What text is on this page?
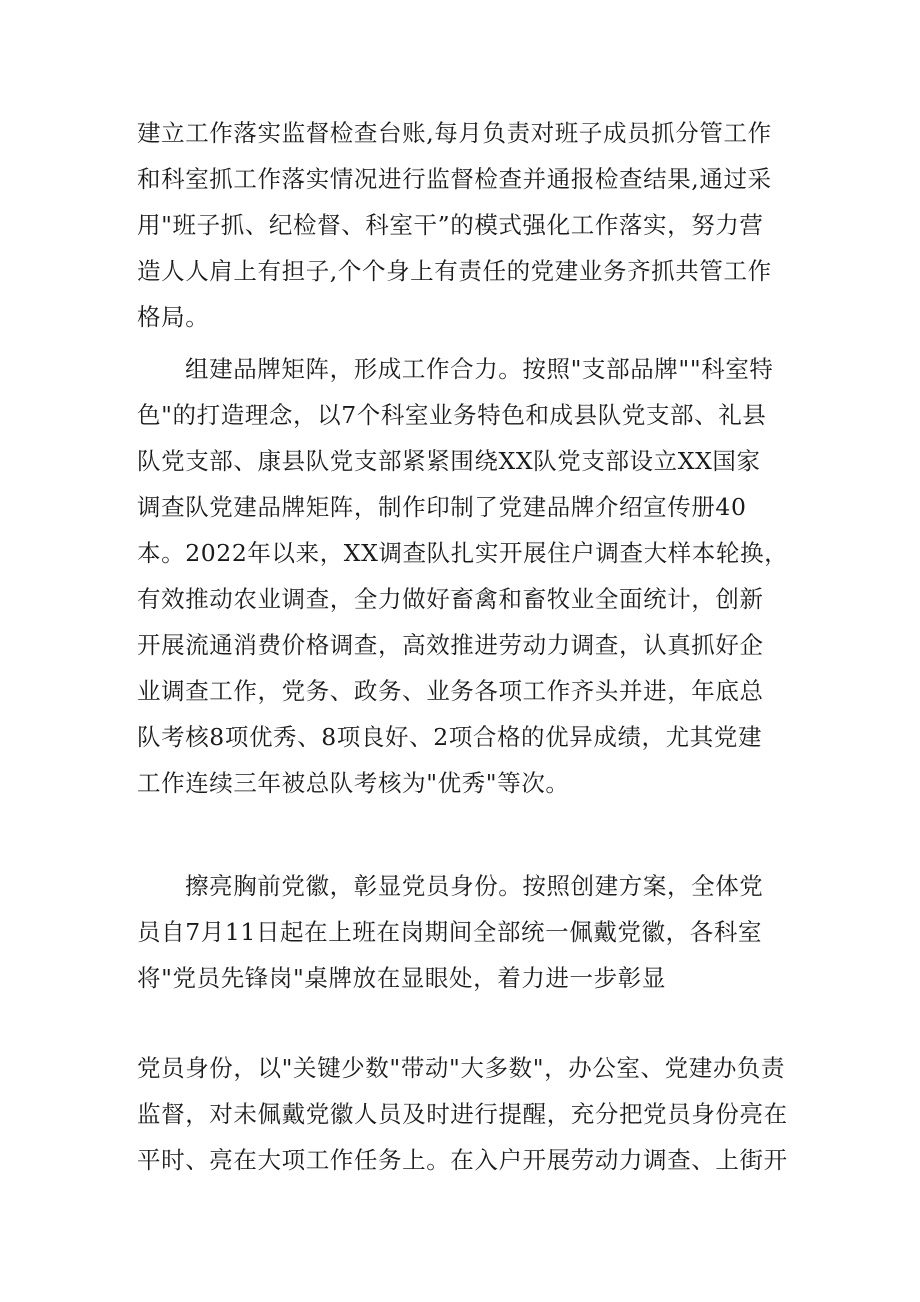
建立工作落实监督检查台账,每月负责对班子成员抓分管工作
和科室抓工作落实情况进行监督检查并通报检查结果,通过采
用"班子抓、纪检督、科室干”的模式强化工作落实，努力营
造人人肩上有担子,个个身上有责任的党建业务齐抓共管工作
格局。
组建品牌矩阵，形成工作合力。按照"支部品牌""科室特
色"的打造理念，以7个科室业务特色和成县队党支部、礼县
队党支部、康县队党支部紧紧围绕XX队党支部设立XX国家
调查队党建品牌矩阵，制作印制了党建品牌介绍宣传册40
本。2022年以来，XX调查队扎实开展住户调查大样本轮换，
有效推动农业调查，全力做好畜禽和畜牧业全面统计，创新
开展流通消费价格调查，高效推进劳动力调查，认真抓好企
业调查工作，党务、政务、业务各项工作齐头并进，年底总
队考核8项优秀、8项良好、2项合格的优异成绩，尤其党建
工作连续三年被总队考核为"优秀"等次。
擦亮胸前党徽，彰显党员身份。按照创建方案，全体党
员自7月11日起在上班在岗期间全部统一佩戴党徽，各科室
将"党员先锋岗"桌牌放在显眼处，着力进一步彰显
党员身份，以"关键少数"带动"大多数"，办公室、党建办负责
监督，对未佩戴党徽人员及时进行提醒，充分把党员身份亮在
平时、亮在大项工作任务上。在入户开展劳动力调查、上街开
